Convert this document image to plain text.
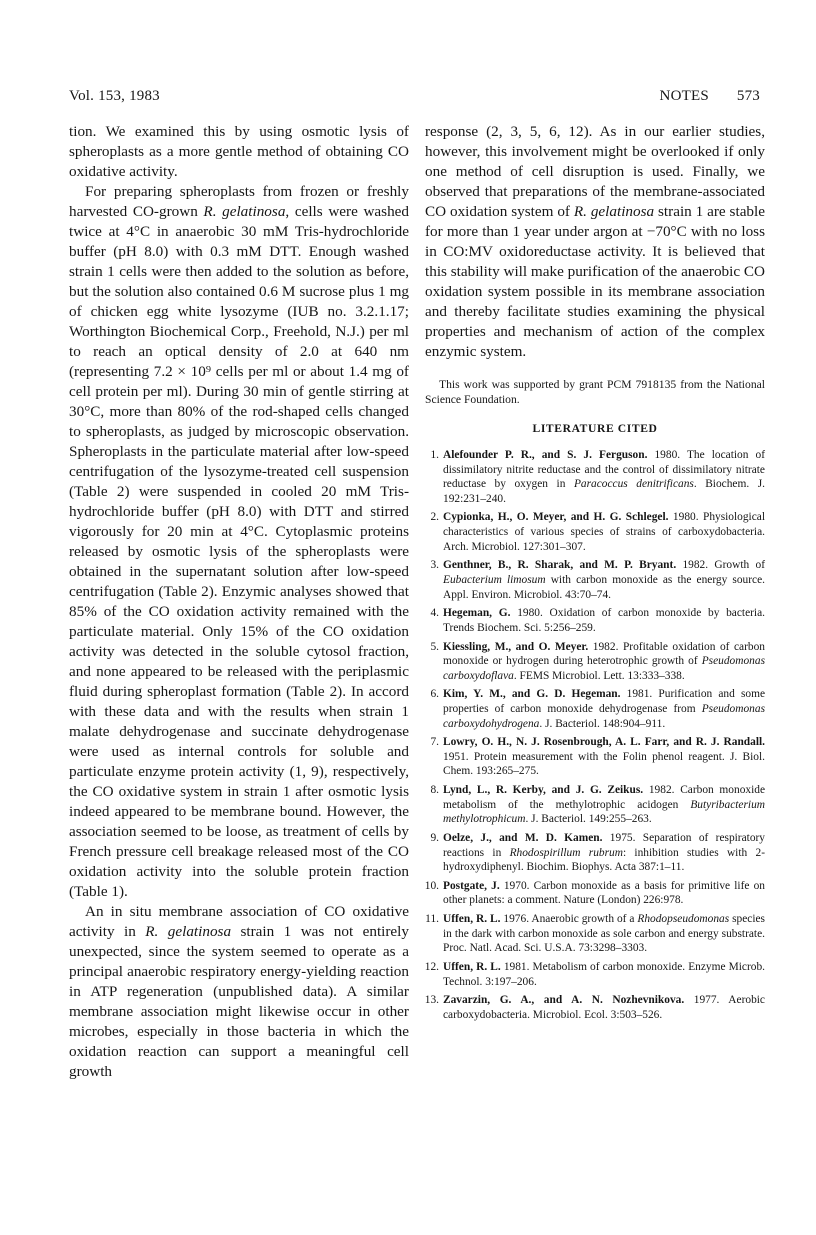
Vol. 153, 1983	NOTES 573

tion. We examined this by using osmotic lysis of spheroplasts as a more gentle method of obtaining CO oxidative activity.

For preparing spheroplasts from frozen or freshly harvested CO-grown R. gelatinosa, cells were washed twice at 4°C in anaerobic 30 mM Tris-hydrochloride buffer (pH 8.0) with 0.3 mM DTT. Enough washed strain 1 cells were then added to the solution as before, but the solution also contained 0.6 M sucrose plus 1 mg of chicken egg white lysozyme (IUB no. 3.2.1.17; Worthington Biochemical Corp., Freehold, N.J.) per ml to reach an optical density of 2.0 at 640 nm (representing 7.2 × 10⁹ cells per ml or about 1.4 mg of cell protein per ml). During 30 min of gentle stirring at 30°C, more than 80% of the rod-shaped cells changed to spheroplasts, as judged by microscopic observation. Spheroplasts in the particulate material after low-speed centrifugation of the lysozyme-treated cell suspension (Table 2) were suspended in cooled 20 mM Tris-hydrochloride buffer (pH 8.0) with DTT and stirred vigorously for 20 min at 4°C. Cytoplasmic proteins released by osmotic lysis of the spheroplasts were obtained in the supernatant solution after low-speed centrifugation (Table 2). Enzymic analyses showed that 85% of the CO oxidation activity remained with the particulate material. Only 15% of the CO oxidation activity was detected in the soluble cytosol fraction, and none appeared to be released with the periplasmic fluid during spheroplast formation (Table 2). In accord with these data and with the results when strain 1 malate dehydrogenase and succinate dehydrogenase were used as internal controls for soluble and particulate enzyme protein activity (1, 9), respectively, the CO oxidative system in strain 1 after osmotic lysis indeed appeared to be membrane bound. However, the association seemed to be loose, as treatment of cells by French pressure cell breakage released most of the CO oxidation activity into the soluble protein fraction (Table 1).

An in situ membrane association of CO oxidative activity in R. gelatinosa strain 1 was not entirely unexpected, since the system seemed to operate as a principal anaerobic respiratory energy-yielding reaction in ATP regeneration (unpublished data). A similar membrane association might likewise occur in other microbes, especially in those bacteria in which the oxidation reaction can support a meaningful cell growth

response (2, 3, 5, 6, 12). As in our earlier studies, however, this involvement might be overlooked if only one method of cell disruption is used. Finally, we observed that preparations of the membrane-associated CO oxidation system of R. gelatinosa strain 1 are stable for more than 1 year under argon at −70°C with no loss in CO:MV oxidoreductase activity. It is believed that this stability will make purification of the anaerobic CO oxidation system possible in its membrane association and thereby facilitate studies examining the physical properties and mechanism of action of the complex enzymic system.

This work was supported by grant PCM 7918135 from the National Science Foundation.
LITERATURE CITED
1. Alefounder P. R., and S. J. Ferguson. 1980. The location of dissimilatory nitrite reductase and the control of dissimilatory nitrate reductase by oxygen in Paracoccus denitrificans. Biochem. J. 192:231–240.
2. Cypionka, H., O. Meyer, and H. G. Schlegel. 1980. Physiological characteristics of various species of strains of carboxydobacteria. Arch. Microbiol. 127:301–307.
3. Genthner, B., R. Sharak, and M. P. Bryant. 1982. Growth of Eubacterium limosum with carbon monoxide as the energy source. Appl. Environ. Microbiol. 43:70–74.
4. Hegeman, G. 1980. Oxidation of carbon monoxide by bacteria. Trends Biochem. Sci. 5:256–259.
5. Kiessling, M., and O. Meyer. 1982. Profitable oxidation of carbon monoxide or hydrogen during heterotrophic growth of Pseudomonas carboxydoflava. FEMS Microbiol. Lett. 13:333–338.
6. Kim, Y. M., and G. D. Hegeman. 1981. Purification and some properties of carbon monoxide dehydrogenase from Pseudomonas carboxydohydrogena. J. Bacteriol. 148:904–911.
7. Lowry, O. H., N. J. Rosenbrough, A. L. Farr, and R. J. Randall. 1951. Protein measurement with the Folin phenol reagent. J. Biol. Chem. 193:265–275.
8. Lynd, L., R. Kerby, and J. G. Zeikus. 1982. Carbon monoxide metabolism of the methylotrophic acidogen Butyribacterium methylotrophicum. J. Bacteriol. 149:255–263.
9. Oelze, J., and M. D. Kamen. 1975. Separation of respiratory reactions in Rhodospirillum rubrum: inhibition studies with 2-hydroxydiphenyl. Biochim. Biophys. Acta 387:1–11.
10. Postgate, J. 1970. Carbon monoxide as a basis for primitive life on other planets: a comment. Nature (London) 226:978.
11. Uffen, R. L. 1976. Anaerobic growth of a Rhodopseudomonas species in the dark with carbon monoxide as sole carbon and energy substrate. Proc. Natl. Acad. Sci. U.S.A. 73:3298–3303.
12. Uffen, R. L. 1981. Metabolism of carbon monoxide. Enzyme Microb. Technol. 3:197–206.
13. Zavarzin, G. A., and A. N. Nozhevnikova. 1977. Aerobic carboxydobacteria. Microbiol. Ecol. 3:503–526.
